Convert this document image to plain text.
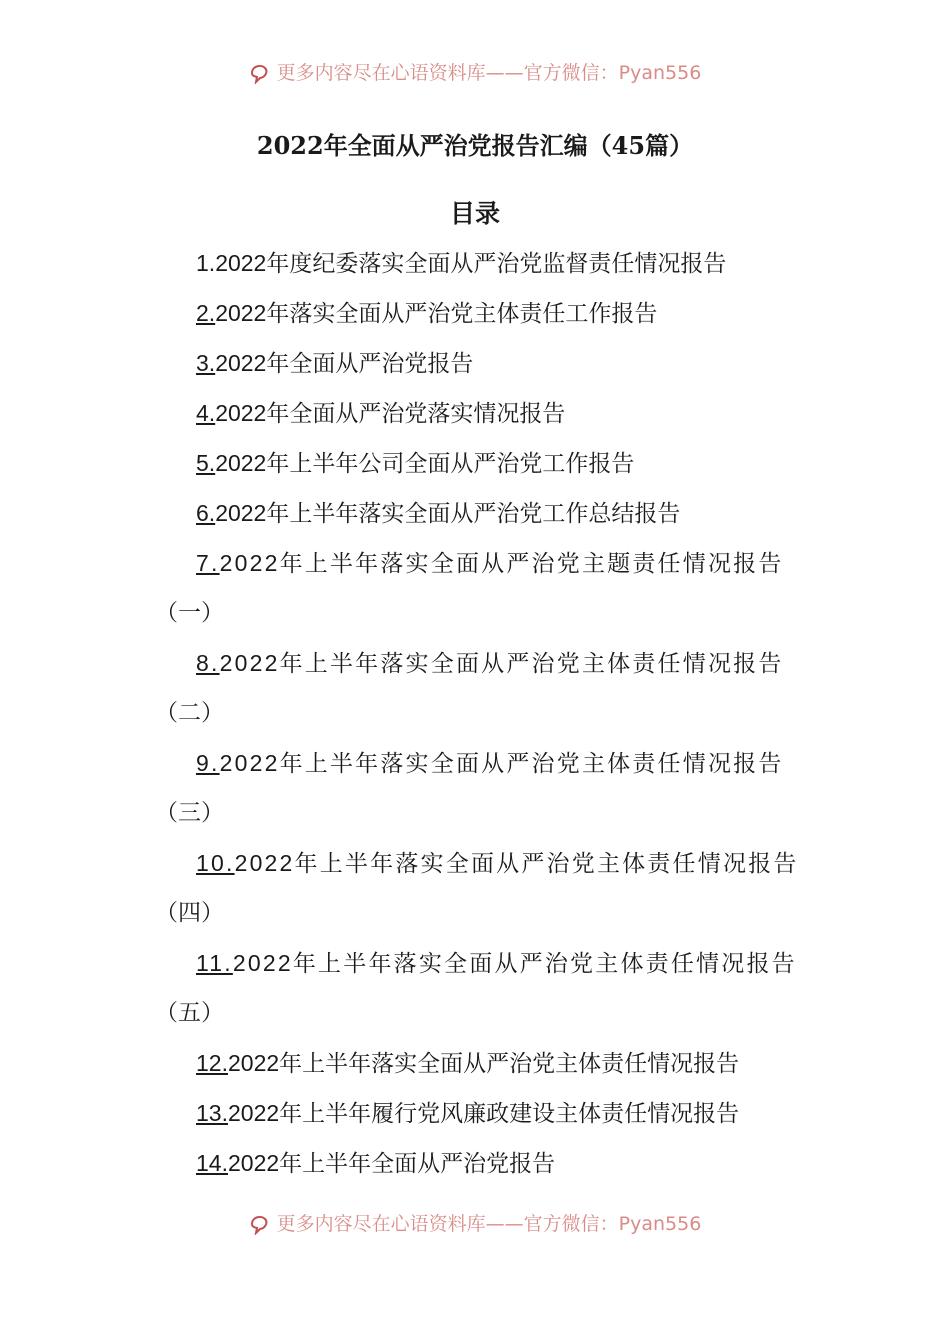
更多内容尽在心语资料库——官方微信：Pyan556
2022年全面从严治党报告汇编（45篇）
目录
1.2022年度纪委落实全面从严治党监督责任情况报告
2.2022年落实全面从严治党主体责任工作报告
3.2022年全面从严治党报告
4.2022年全面从严治党落实情况报告
5.2022年上半年公司全面从严治党工作报告
6.2022年上半年落实全面从严治党工作总结报告
7.2022年上半年落实全面从严治党主题责任情况报告
（一）
8.2022年上半年落实全面从严治党主体责任情况报告
（二）
9.2022年上半年落实全面从严治党主体责任情况报告
（三）
10.2022年上半年落实全面从严治党主体责任情况报告
（四）
11.2022年上半年落实全面从严治党主体责任情况报告
（五）
12.2022年上半年落实全面从严治党主体责任情况报告
13.2022年上半年履行党风廉政建设主体责任情况报告
14.2022年上半年全面从严治党报告
更多内容尽在心语资料库——官方微信：Pyan556
